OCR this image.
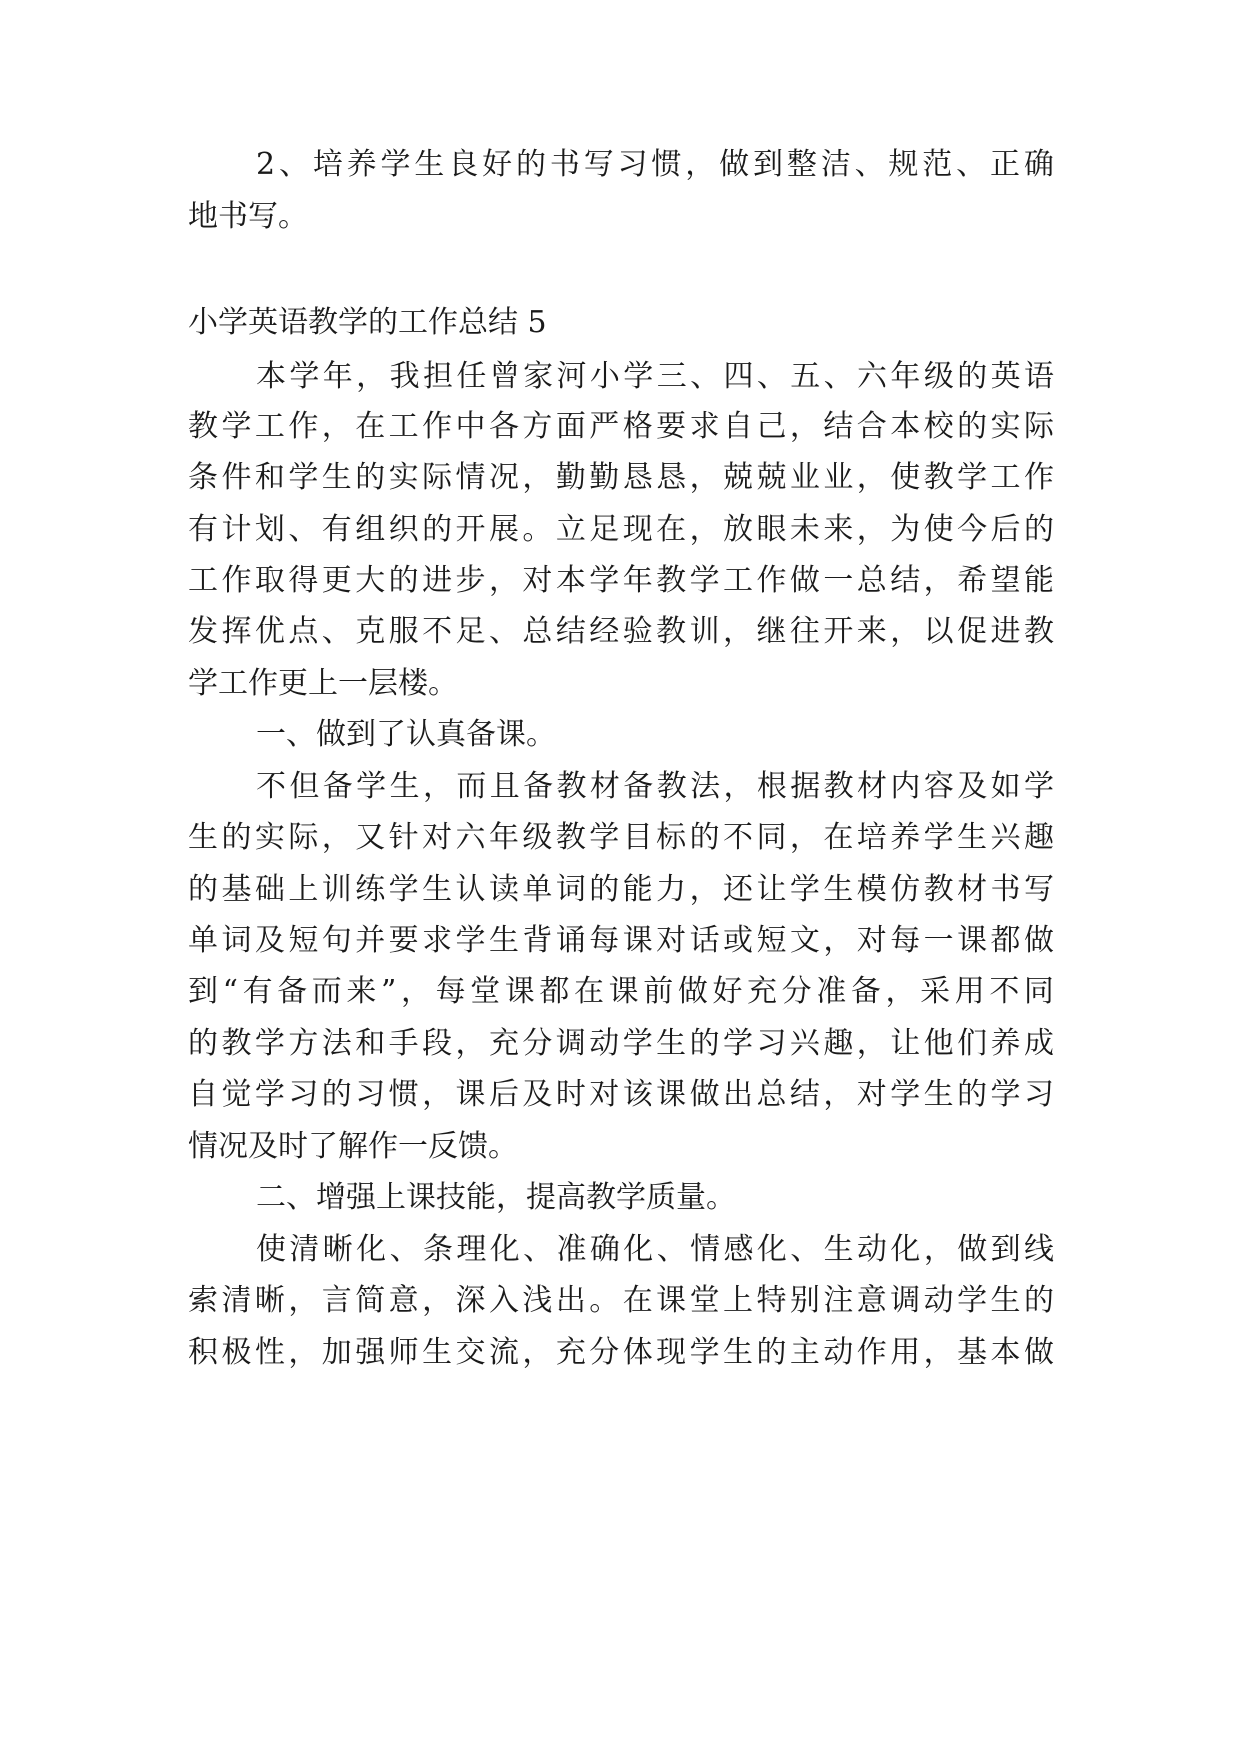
2 、 培 养 学 生 良 好 的 书 写 习 惯 ， 做 到 整 洁 、 规 范 、 正 确
地书写。
小学英语教学的工作总结 5
本 学 年 ， 我 担 任 曾 家 河 小 学 三 、 四 、 五 、 六 年 级 的 英 语
教 学 工 作 ， 在 工 作 中 各 方 面 严 格 要 求 自 己 ， 结 合 本 校 的 实 际
条 件 和 学 生 的 实 际 情 况 ， 勤 勤 恳 恳 ， 兢 兢 业 业 ， 使 教 学 工 作
有 计 划 、 有 组 织 的 开 展 。 立 足 现 在 ， 放 眼 未 来 ， 为 使 今 后 的
工 作 取 得 更 大 的 进 步 ， 对 本 学 年 教 学 工 作 做 一 总 结 ， 希 望 能
发 挥 优 点 、 克 服 不 足 、 总 结 经 验 教 训 ， 继 往 开 来 ， 以 促 进 教
学工作更上一层楼。
一、做到了认真备课。
不 但 备 学 生 ， 而 且 备 教 材 备 教 法 ， 根 据 教 材 内 容 及 如 学
生 的 实 际 ， 又 针 对 六 年 级 教 学 目 标 的 不 同 ， 在 培 养 学 生 兴 趣
的 基 础 上 训 练 学 生 认 读 单 词 的 能 力 ， 还 让 学 生 模 仿 教 材 书 写
单 词 及 短 句 并 要 求 学 生 背 诵 每 课 对 话 或 短 文 ， 对 每 一 课 都 做
到 “ 有 备 而 来 ” ， 每 堂 课 都 在 课 前 做 好 充 分 准 备 ， 采 用 不 同
的 教 学 方 法 和 手 段 ， 充 分 调 动 学 生 的 学 习 兴 趣 ， 让 他 们 养 成
自 觉 学 习 的 习 惯 ， 课 后 及 时 对 该 课 做 出 总 结 ， 对 学 生 的 学 习
情况及时了解作一反馈。
二、增强上课技能，提高教学质量。
使 清 晰 化 、 条 理 化 、 准 确 化 、 情 感 化 、 生 动 化 ， 做 到 线
索 清 晰 ， 言 简 意 ， 深 入 浅 出 。 在 课 堂 上 特 别 注 意 调 动 学 生 的
积 极 性 ， 加 强 师 生 交 流 ， 充 分 体 现 学 生 的 主 动 作 用 ， 基 本 做
